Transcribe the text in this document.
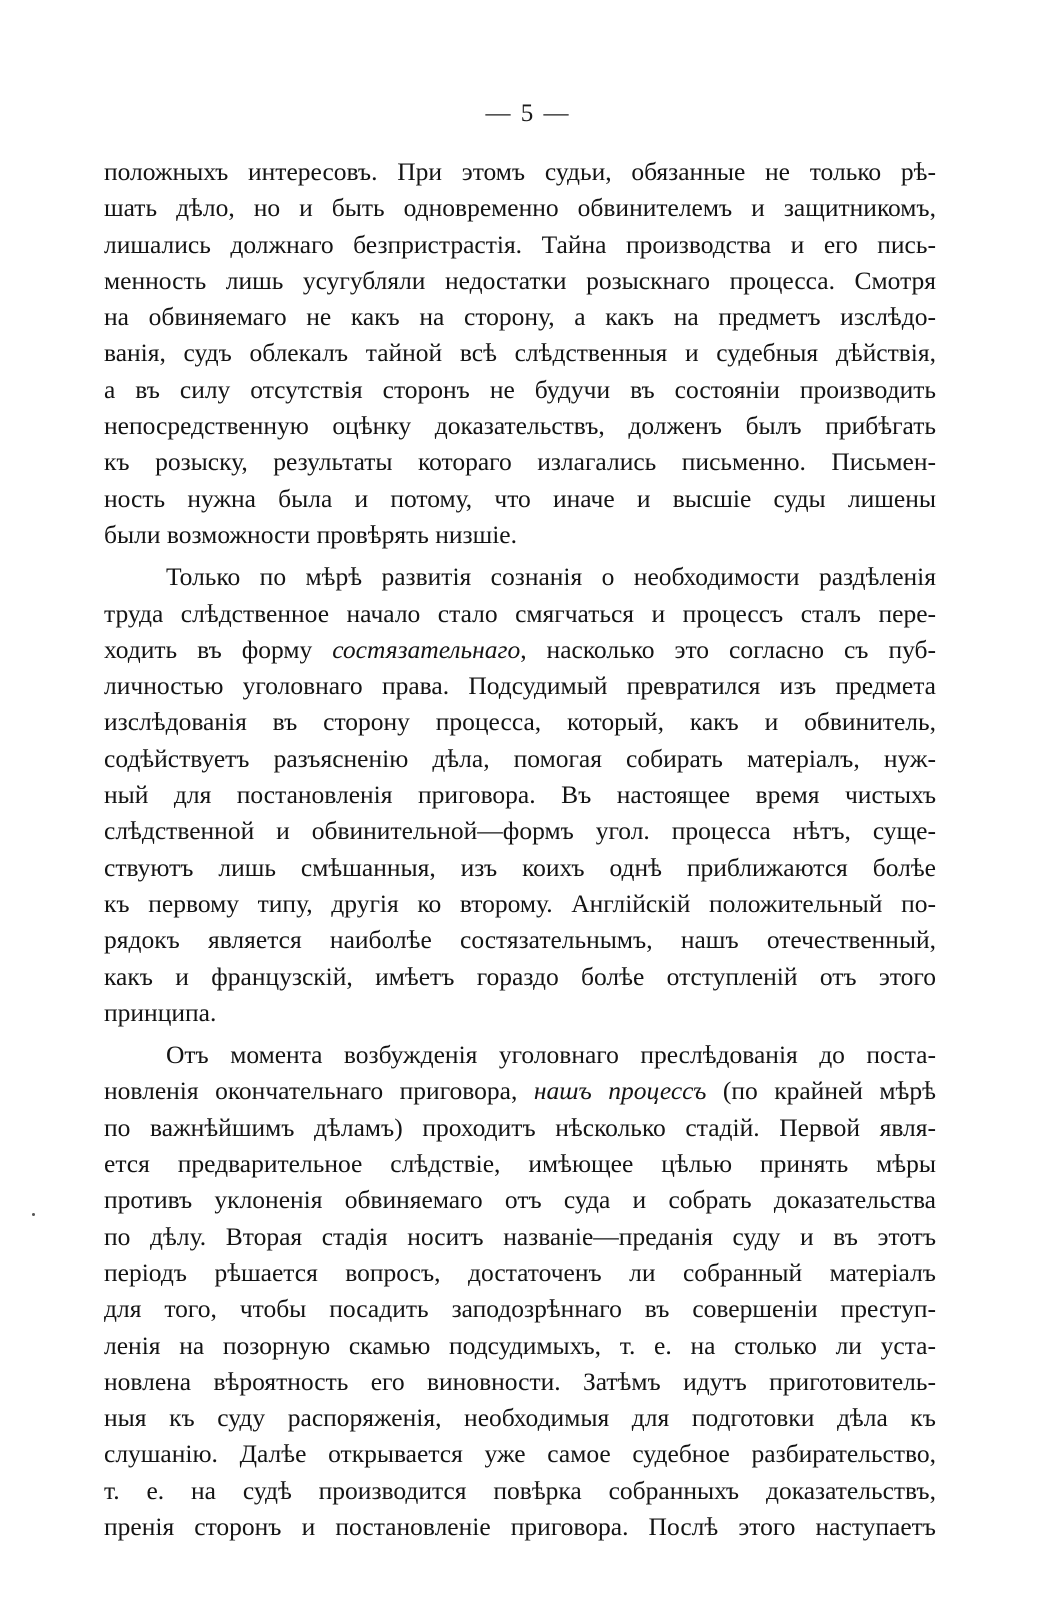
— 5 —
положныхъ интересовъ. При этомъ судьи, обязанные не только рѣ-
шать дѣло, но и быть одновременно обвинителемъ и защитникомъ,
лишались должнаго безпристрастія. Тайна производства и его пись-
менность лишь усугубляли недостатки розыскнаго процесса. Смотря
на обвиняемаго не какъ на сторону, а какъ на предметъ изслѣдо-
ванія, судъ облекалъ тайной всѣ слѣдственныя и судебныя дѣйствія,
а въ силу отсутствія сторонъ не будучи въ состояніи производить
непосредственную оцѣнку доказательствъ, долженъ былъ прибѣгать
къ розыску, результаты котораго излагались письменно. Письмен-
ность нужна была и потому, что иначе и высшіе суды лишены
были возможности провѣрять низшіе.
Только по мѣрѣ развитія сознанія о необходимости раздѣленія
труда слѣдственное начало стало смягчаться и процессъ сталъ пере-
ходить въ форму состязательнаго, насколько это согласно съ пуб-
личностью уголовнаго права. Подсудимый превратился изъ предмета
изслѣдованія въ сторону процесса, который, какъ и обвинитель,
содѣйствуетъ разъясненію дѣла, помогая собирать матеріалъ, нуж-
ный для постановленія приговора. Въ настоящее время чистыхъ
слѣдственной и обвинительной—формъ угол. процесса нѣтъ, суще-
ствуютъ лишь смѣшанныя, изъ коихъ однѣ приближаются болѣе
къ первому типу, другія ко второму. Англійскій положительный по-
рядокъ является наиболѣе состязательнымъ, нашъ отечественный,
какъ и французскій, имѣетъ гораздо болѣе отступленій отъ этого
принципа.
Отъ момента возбужденія уголовнаго преслѣдованія до поста-
новленія окончательнаго приговора, нашъ процессъ (по крайней мѣрѣ
по важнѣйшимъ дѣламъ) проходитъ нѣсколько стадій. Первой явля-
ется предварительное слѣдствіе, имѣющее цѣлью принять мѣры
противъ уклоненія обвиняемаго отъ суда и собрать доказательства
по дѣлу. Вторая стадія носитъ названіе—преданія суду и въ этотъ
періодъ рѣшается вопросъ, достаточенъ ли собранный матеріалъ
для того, чтобы посадить заподозрѣннаго въ совершеніи преступ-
ленія на позорную скамью подсудимыхъ, т. е. на столько ли уста-
новлена вѣроятность его виновности. Затѣмъ идутъ приготовитель-
ныя къ суду распоряженія, необходимыя для подготовки дѣла къ
слушанію. Далѣе открывается уже самое судебное разбирательство,
т. е. на судѣ производится повѣрка собранныхъ доказательствъ,
пренія сторонъ и постановленіе приговора. Послѣ этого наступаетъ
